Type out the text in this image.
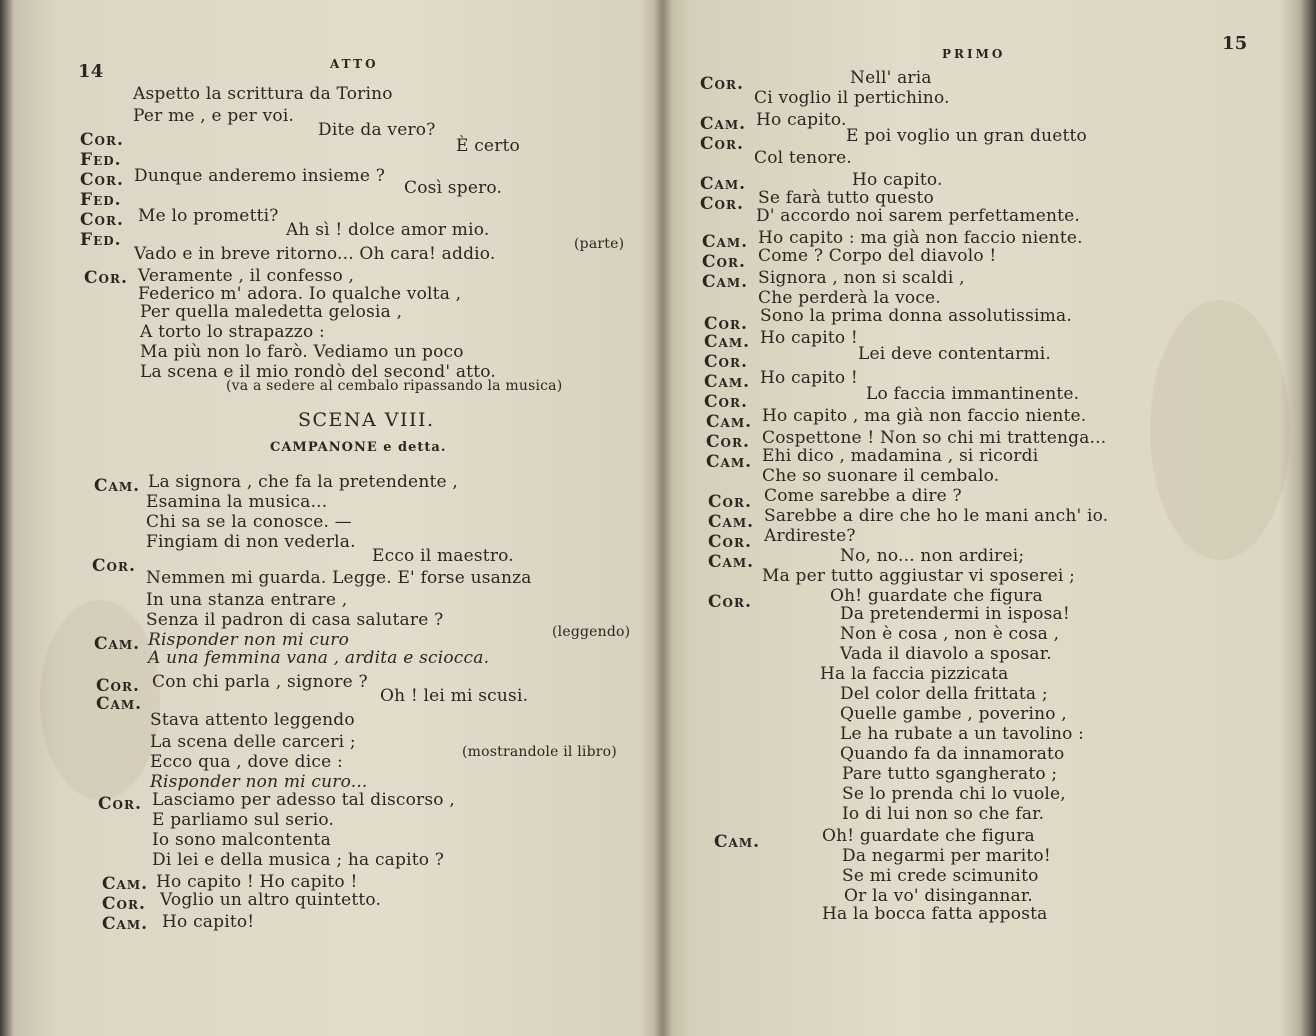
14	ATTO
Aspetto la scrittura da Torino
Per me , e per voi.
Dite da vero?
Cor.	È certo
Fed.
Cor. Dunque anderemo insieme ?
Così spero.
Fed.
Cor. Me lo prometti?
Ah sì ! dolce amor mio.
Fed.
Vado e in breve ritorno... Oh cara! addio.	(parte)
Cor. Veramente , il confesso ,
Federico m' adora. Io qualche volta ,
Per quella maledetta gelosia ,
A torto lo strapazzo :
Ma più non lo farò. Vediamo un poco
La scena e il mio rondò del second' atto.
(va a sedere al cembalo ripassando la musica)
SCENA VIII.
CAMPANONE e detta.
Cam. La signora , che fa la pretendente ,
Esamina la musica...
Chi sa se la conosce. —
Fingiam di non vederla.
Ecco il maestro.
Cor.
Nemmen mi guarda. Legge. E' forse usanza
In una stanza entrare ,
Senza il padron di casa salutare ?
Cam. Risponder non mi curo	(leggendo)
A una femmina vana , ardita e sciocca.
Cor. Con chi parla , signore ?
Oh ! lei mi scusi.
Cam.
Stava attento leggendo
La scena delle carceri ;
Ecco qua , dove dice :	(mostrandole il libro)
Risponder non mi curo...
Cor. Lasciamo per adesso tal discorso ,
E parliamo sul serio.
Io sono malcontenta
Di lei e della musica ; ha capito ?
Cam. Ho capito ! Ho capito !
Cor. Voglio un altro quintetto.
Cam. Ho capito!
PRIMO	15
Cor.	Nell' aria
Ci voglio il pertichino.
Cam. Ho capito.
Cor.	E poi voglio un gran duetto
Col tenore.
Cam.	Ho capito.
Cor. Se farà tutto questo
D' accordo noi sarem perfettamente.
Cam. Ho capito : ma già non faccio niente.
Cor. Come ? Corpo del diavolo !
Cam. Signora , non si scaldi ,
Che perderà la voce.
Cor. Sono la prima donna assolutissima.
Cam. Ho capito !
Cor.	Lei deve contentarmi.
Cam. Ho capito !
Cor.	Lo faccia immantinente.
Cam. Ho capito , ma già non faccio niente.
Cor. Cospettone ! Non so chi mi trattenga...
Cam. Ehi dico , madamina , si ricordi
Che so suonare il cembalo.
Cor. Come sarebbe a dire ?
Cam. Sarebbe a dire che ho le mani anch' io.
Cor. Ardireste?
Cam.	No, no... non ardirei;
Ma per tutto aggiustar vi sposerei ;
Cor.	Oh! guardate che figura
Da pretendermi in isposa!
Non è cosa , non è cosa ,
Vada il diavolo a sposar.
Ha la faccia pizzicata
Del color della frittata ;
Quelle gambe , poverino ,
Le ha rubate a un tavolino :
Quando fa da innamorato
Pare tutto sgangherato ;
Se lo prenda chi lo vuole,
Io di lui non so che far.
Cam.	Oh! guardate che figura
Da negarmi per marito!
Se mi crede scimunito
Or la vo' disingannar.
Ha la bocca fatta apposta
